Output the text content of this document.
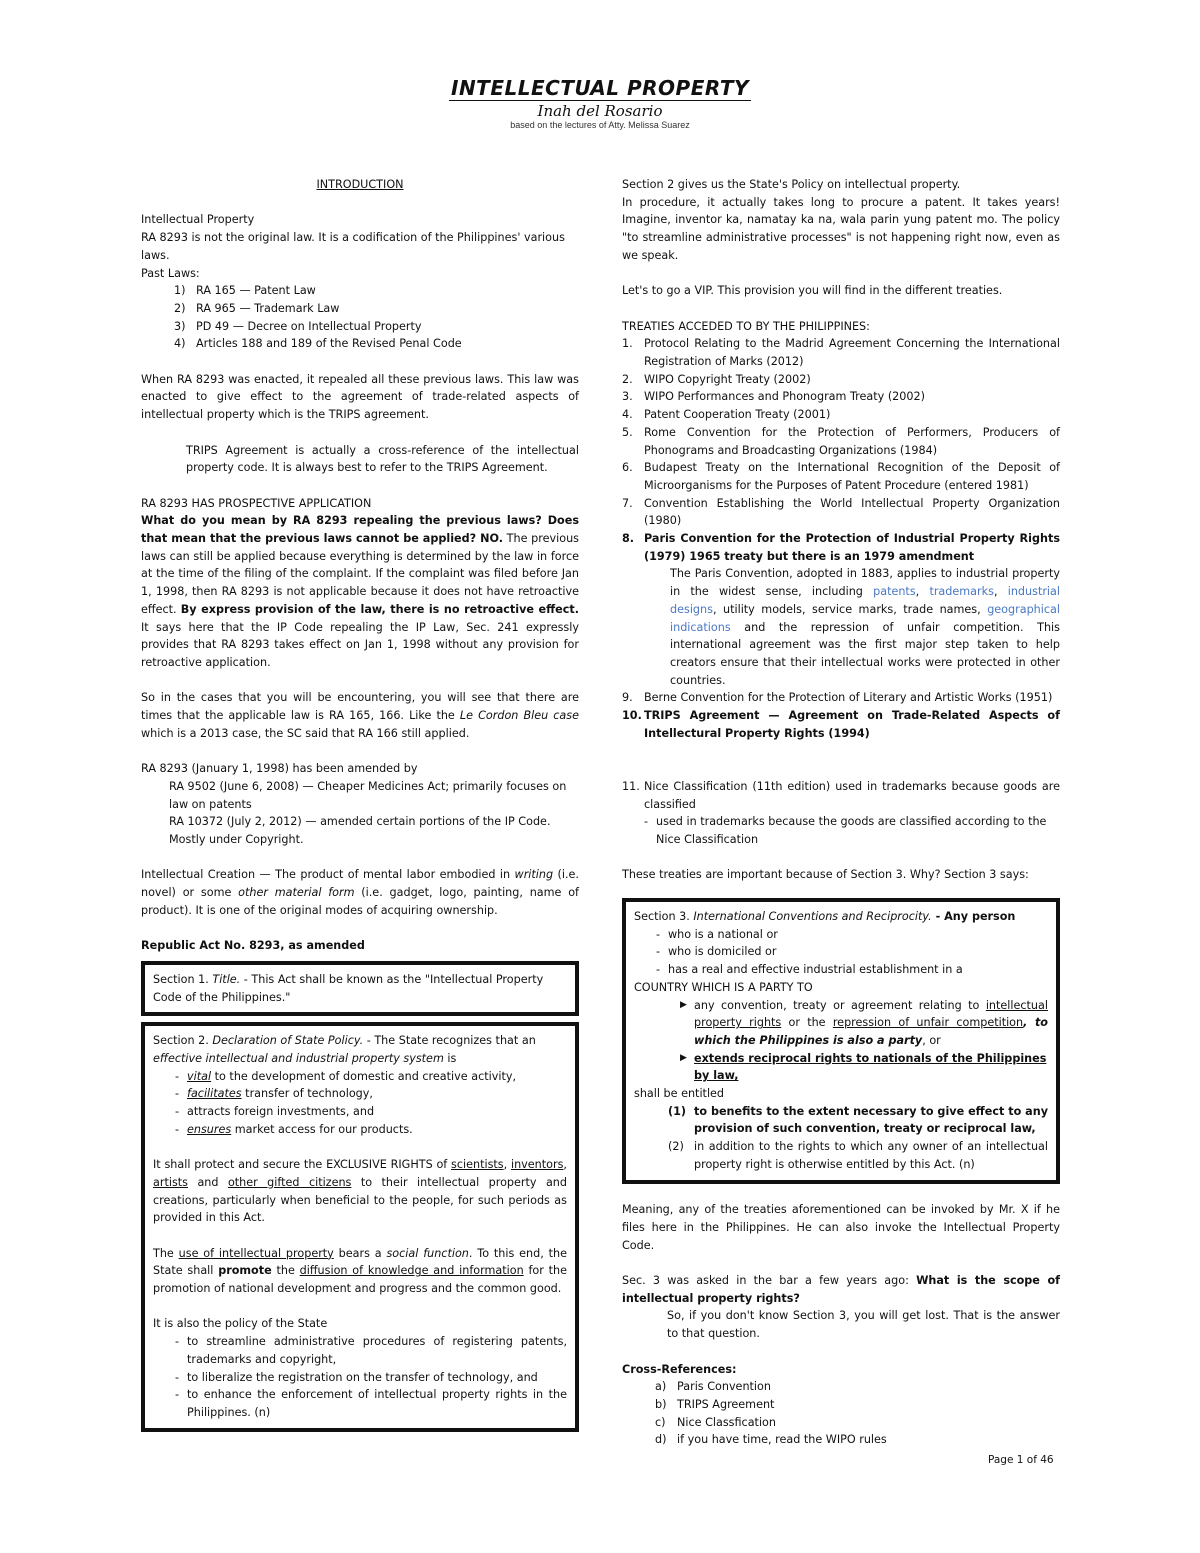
INTELLECTUAL PROPERTY
Inah del Rosario
based on the lectures of Atty. Melissa Suarez

INTRODUCTION

Intellectual Property

RA 8293 is not the original law. It is a codification of the Philippines' various laws.

Past Laws:

1) RA 165 — Patent Law
2) RA 965 — Trademark Law
3) PD 49 — Decree on Intellectual Property
4) Articles 188 and 189 of the Revised Penal Code

When RA 8293 was enacted, it repealed all these previous laws. This law was enacted to give effect to the agreement of trade-related aspects of intellectual property which is the TRIPS agreement.

TRIPS Agreement is actually a cross-reference of the intellectual property code. It is always best to refer to the TRIPS Agreement.

RA 8293 HAS PROSPECTIVE APPLICATION

What do you mean by RA 8293 repealing the previous laws? Does that mean that the previous laws cannot be applied? NO. The previous laws can still be applied because everything is determined by the law in force at the time of the filing of the complaint. If the complaint was filed before Jan 1, 1998, then RA 8293 is not applicable because it does not have retroactive effect. By express provision of the law, there is no retroactive effect. It says here that the IP Code repealing the IP Law, Sec. 241 expressly provides that RA 8293 takes effect on Jan 1, 1998 without any provision for retroactive application.

So in the cases that you will be encountering, you will see that there are times that the applicable law is RA 165, 166. Like the Le Cordon Bleu case which is a 2013 case, the SC said that RA 166 still applied.

RA 8293 (January 1, 1998) has been amended by

RA 9502 (June 6, 2008) — Cheaper Medicines Act; primarily focuses on law on patents
RA 10372 (July 2, 2012) — amended certain portions of the IP Code. Mostly under Copyright.

Intellectual Creation — The product of mental labor embodied in writing (i.e. novel) or some other material form (i.e. gadget, logo, painting, name of product). It is one of the original modes of acquiring ownership.

Republic Act No. 8293, as amended

Section 1. Title. - This Act shall be known as the "Intellectual Property Code of the Philippines."

Section 2. Declaration of State Policy. - The State recognizes that an effective intellectual and industrial property system is

- vital to the development of domestic and creative activity,
- facilitates transfer of technology,
- attracts foreign investments, and
- ensures market access for our products.

It shall protect and secure the EXCLUSIVE RIGHTS of scientists, inventors, artists and other gifted citizens to their intellectual property and creations, particularly when beneficial to the people, for such periods as provided in this Act.

The use of intellectual property bears a social function. To this end, the State shall promote the diffusion of knowledge and information for the promotion of national development and progress and the common good.

It is also the policy of the State

- to streamline administrative procedures of registering patents, trademarks and copyright,
- to liberalize the registration on the transfer of technology, and
- to enhance the enforcement of intellectual property rights in the Philippines. (n)

Section 2 gives us the State's Policy on intellectual property.

In procedure, it actually takes long to procure a patent. It takes years! Imagine, inventor ka, namatay ka na, wala parin yung patent mo. The policy "to streamline administrative processes" is not happening right now, even as we speak.

Let's to go a VIP. This provision you will find in the different treaties.

TREATIES ACCEDED TO BY THE PHILIPPINES:

1. Protocol Relating to the Madrid Agreement Concerning the International Registration of Marks (2012)
2. WIPO Copyright Treaty (2002)
3. WIPO Performances and Phonogram Treaty (2002)
4. Patent Cooperation Treaty (2001)
5. Rome Convention for the Protection of Performers, Producers of Phonograms and Broadcasting Organizations (1984)
6. Budapest Treaty on the International Recognition of the Deposit of Microorganisms for the Purposes of Patent Procedure (entered 1981)
7. Convention Establishing the World Intellectual Property Organization (1980)
8. Paris Convention for the Protection of Industrial Property Rights (1979) 1965 treaty but there is an 1979 amendment
The Paris Convention, adopted in 1883, applies to industrial property in the widest sense, including patents, trademarks, industrial designs, utility models, service marks, trade names, geographical indications and the repression of unfair competition. This international agreement was the first major step taken to help creators ensure that their intellectual works were protected in other countries.
9. Berne Convention for the Protection of Literary and Artistic Works (1951)
10. TRIPS Agreement — Agreement on Trade-Related Aspects of Intellectural Property Rights (1994)
11. Nice Classification (11th edition) used in trademarks because goods are classified
- used in trademarks because the goods are classified according to the Nice Classification

These treaties are important because of Section 3. Why? Section 3 says:

Section 3. International Conventions and Reciprocity. - Any person

- who is a national or
- who is domiciled or
- has a real and effective industrial establishment in a

COUNTRY WHICH IS A PARTY TO

▶ any convention, treaty or agreement relating to intellectual property rights or the repression of unfair competition, to which the Philippines is also a party, or
▶ extends reciprocal rights to nationals of the Philippines by law,

shall be entitled

(1) to benefits to the extent necessary to give effect to any provision of such convention, treaty or reciprocal law,
(2) in addition to the rights to which any owner of an intellectual property right is otherwise entitled by this Act. (n)

Meaning, any of the treaties aforementioned can be invoked by Mr. X if he files here in the Philippines. He can also invoke the Intellectual Property Code.

Sec. 3 was asked in the bar a few years ago: What is the scope of intellectual property rights?

So, if you don't know Section 3, you will get lost. That is the answer to that question.

Cross-References:

a) Paris Convention
b) TRIPS Agreement
c) Nice Classfication
d) if you have time, read the WIPO rules
Page 1 of 46
